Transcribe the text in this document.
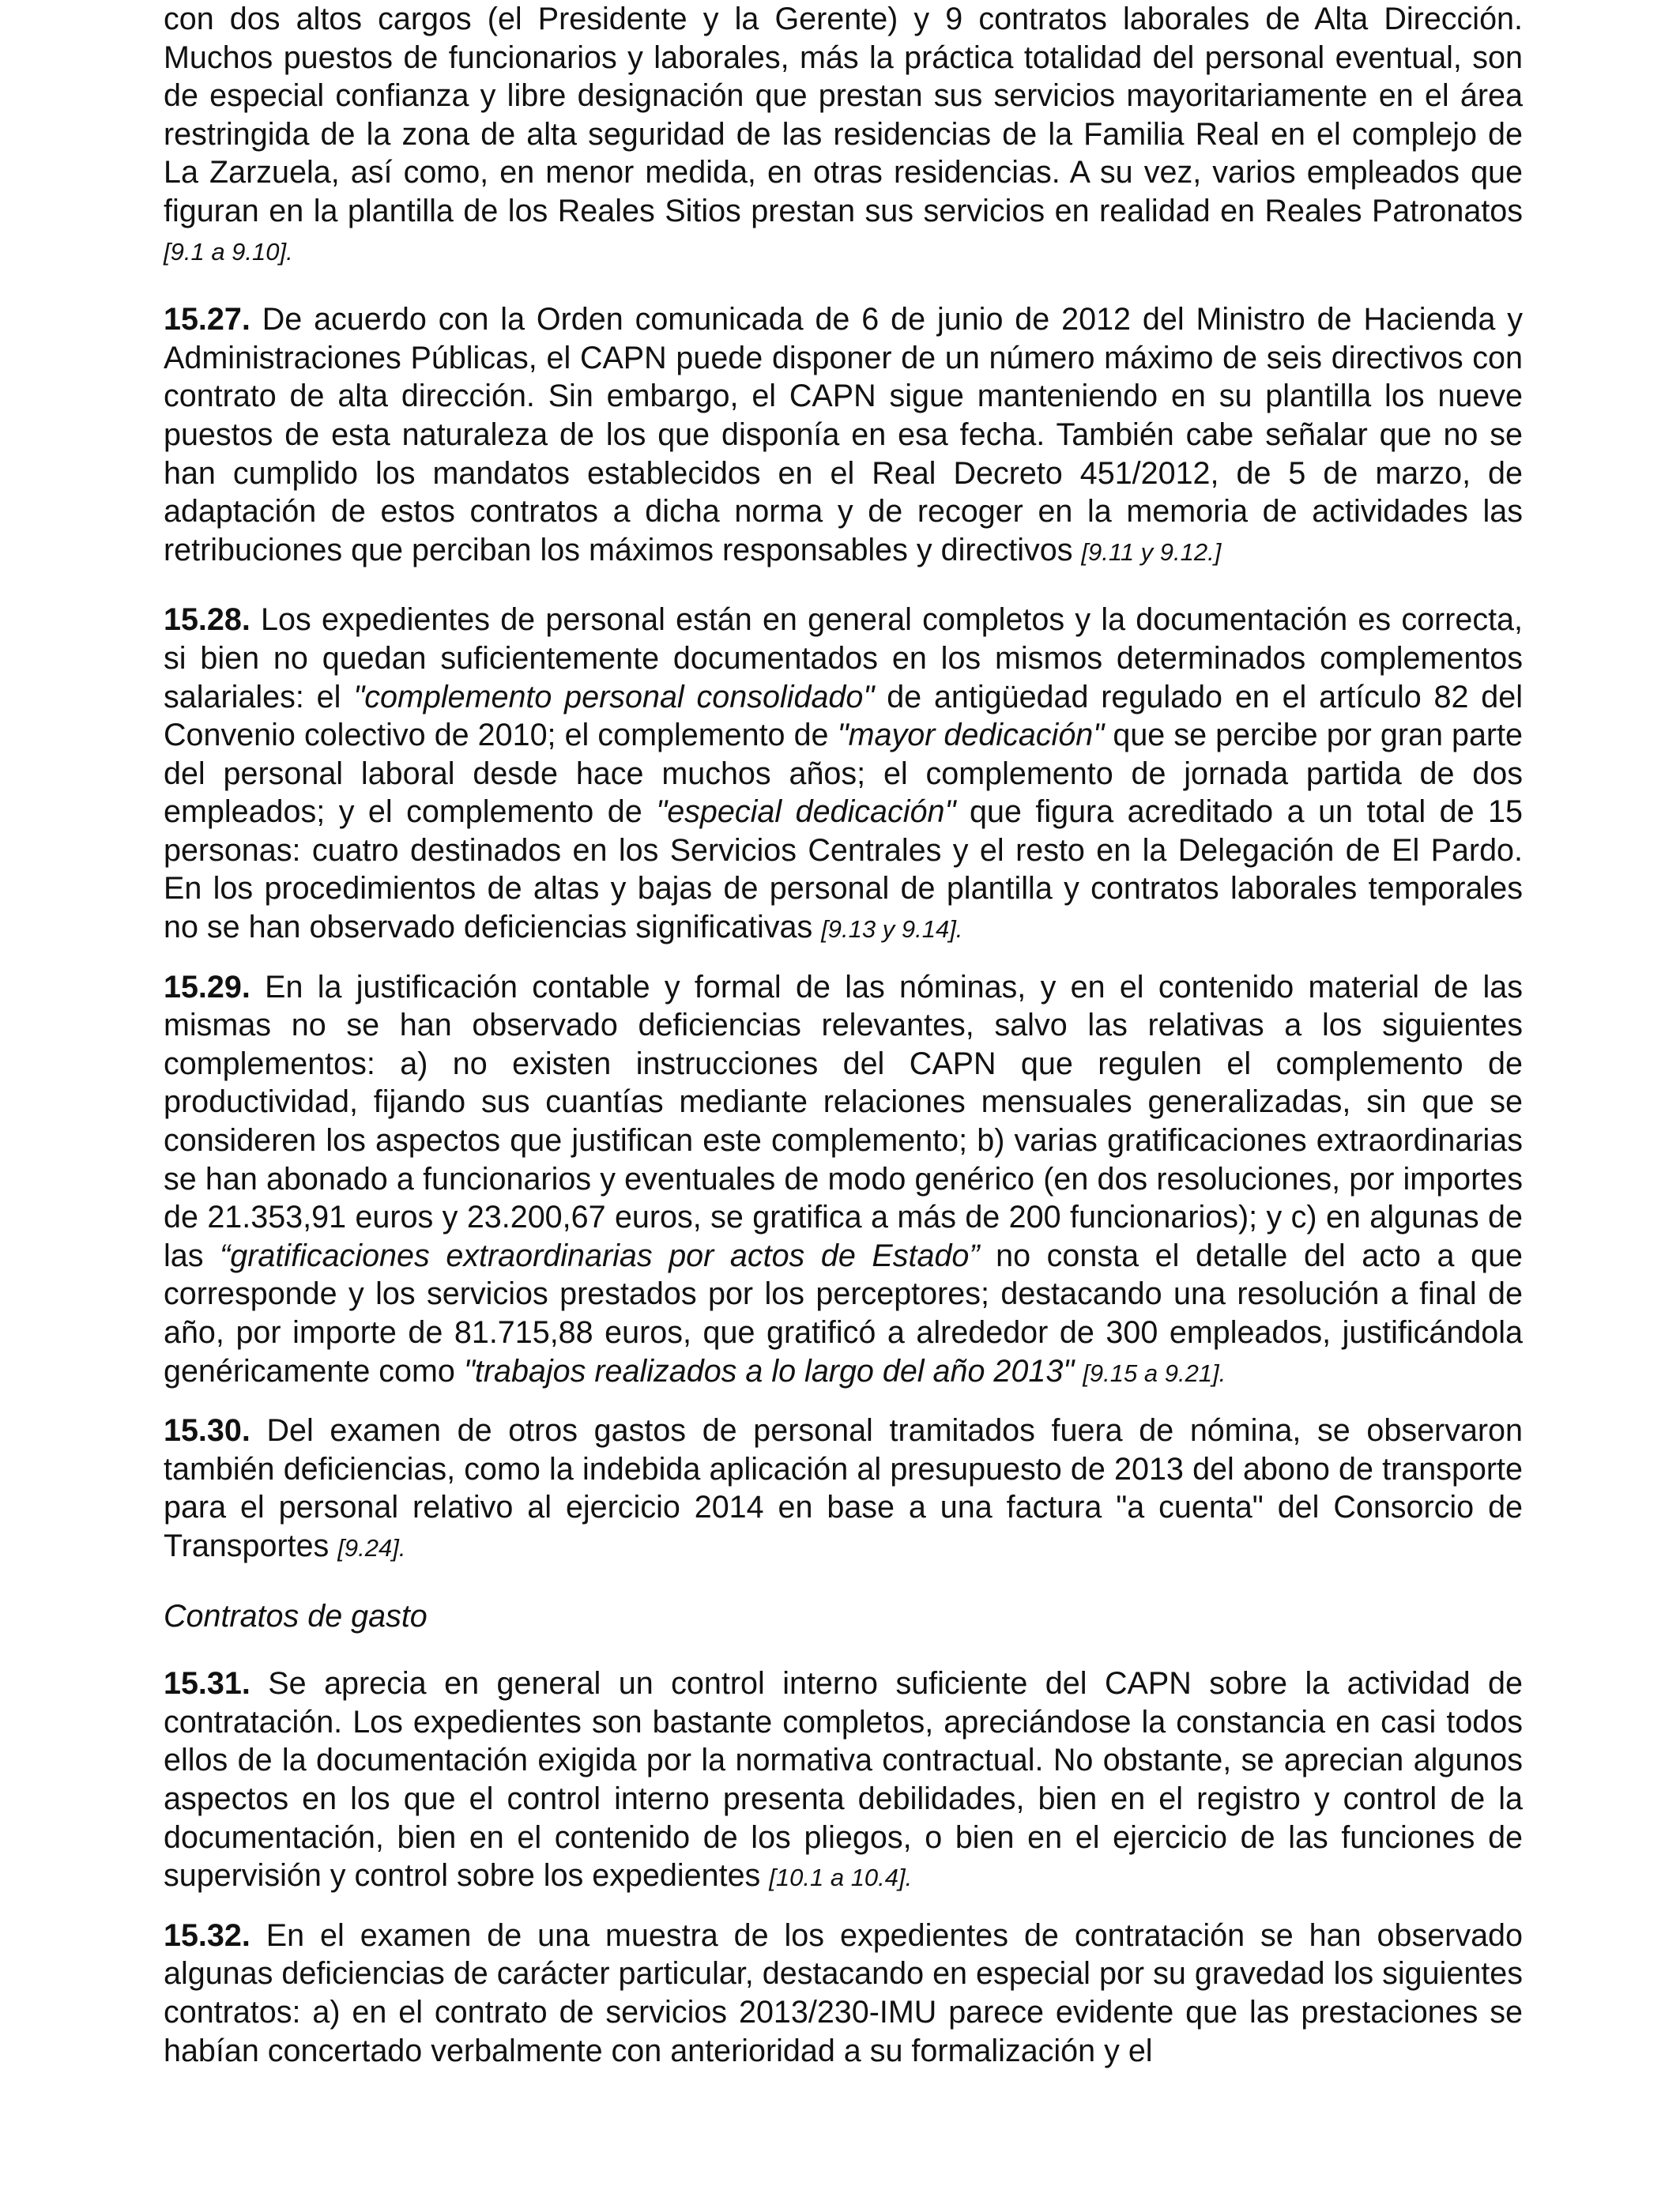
con dos altos cargos (el Presidente y la Gerente) y 9 contratos laborales de Alta Dirección. Muchos puestos de funcionarios y laborales, más la práctica totalidad del personal eventual, son de especial confianza y libre designación que prestan sus servicios mayoritariamente en el área restringida de la zona de alta seguridad de las residencias de la Familia Real en el complejo de La Zarzuela, así como, en menor medida, en otras residencias. A su vez, varios empleados que figuran en la plantilla de los Reales Sitios prestan sus servicios en realidad en Reales Patronatos [9.1 a 9.10].

15.27. De acuerdo con la Orden comunicada de 6 de junio de 2012 del Ministro de Hacienda y Administraciones Públicas, el CAPN puede disponer de un número máximo de seis directivos con contrato de alta dirección. Sin embargo, el CAPN sigue manteniendo en su plantilla los nueve puestos de esta naturaleza de los que disponía en esa fecha. También cabe señalar que no se han cumplido los mandatos establecidos en el Real Decreto 451/2012, de 5 de marzo, de adaptación de estos contratos a dicha norma y de recoger en la memoria de actividades las retribuciones que perciban los máximos responsables y directivos [9.11 y 9.12.]

15.28. Los expedientes de personal están en general completos y la documentación es correcta, si bien no quedan suficientemente documentados en los mismos determinados complementos salariales: el "complemento personal consolidado" de antigüedad regulado en el artículo 82 del Convenio colectivo de 2010; el complemento de "mayor dedicación" que se percibe por gran parte del personal laboral desde hace muchos años; el complemento de jornada partida de dos empleados; y el complemento de "especial dedicación" que figura acreditado a un total de 15 personas: cuatro destinados en los Servicios Centrales y el resto en la Delegación de El Pardo. En los procedimientos de altas y bajas de personal de plantilla y contratos laborales temporales no se han observado deficiencias significativas [9.13 y 9.14].

15.29. En la justificación contable y formal de las nóminas, y en el contenido material de las mismas no se han observado deficiencias relevantes, salvo las relativas a los siguientes complementos: a) no existen instrucciones del CAPN que regulen el complemento de productividad, fijando sus cuantías mediante relaciones mensuales generalizadas, sin que se consideren los aspectos que justifican este complemento; b) varias gratificaciones extraordinarias se han abonado a funcionarios y eventuales de modo genérico (en dos resoluciones, por importes de 21.353,91 euros y 23.200,67 euros, se gratifica a más de 200 funcionarios); y c) en algunas de las “gratificaciones extraordinarias por actos de Estado” no consta el detalle del acto a que corresponde y los servicios prestados por los perceptores; destacando una resolución a final de año, por importe de 81.715,88 euros, que gratificó a alrededor de 300 empleados, justificándola genéricamente como "trabajos realizados a lo largo del año 2013" [9.15 a 9.21].

15.30. Del examen de otros gastos de personal tramitados fuera de nómina, se observaron también deficiencias, como la indebida aplicación al presupuesto de 2013 del abono de transporte para el personal relativo al ejercicio 2014 en base a una factura "a cuenta" del Consorcio de Transportes [9.24].

Contratos de gasto

15.31. Se aprecia en general un control interno suficiente del CAPN sobre la actividad de contratación. Los expedientes son bastante completos, apreciándose la constancia en casi todos ellos de la documentación exigida por la normativa contractual. No obstante, se aprecian algunos aspectos en los que el control interno presenta debilidades, bien en el registro y control de la documentación, bien en el contenido de los pliegos, o bien en el ejercicio de las funciones de supervisión y control sobre los expedientes [10.1 a 10.4].

15.32. En el examen de una muestra de los expedientes de contratación se han observado algunas deficiencias de carácter particular, destacando en especial por su gravedad los siguientes contratos: a) en el contrato de servicios 2013/230-IMU parece evidente que las prestaciones se habían concertado verbalmente con anterioridad a su formalización y el
